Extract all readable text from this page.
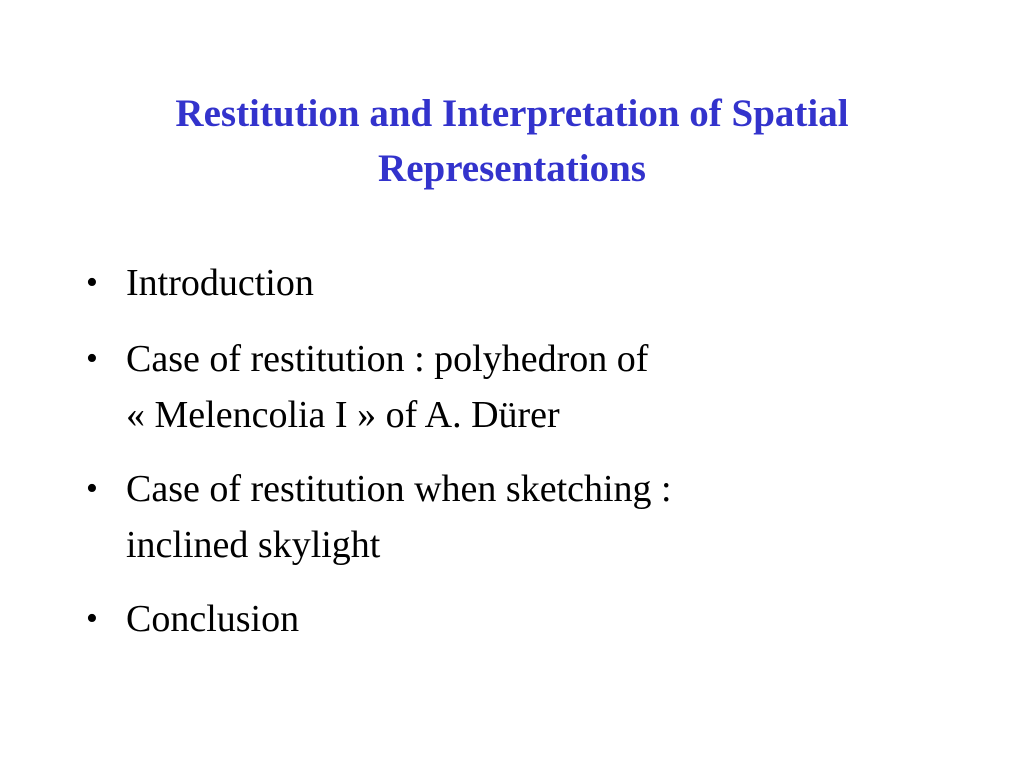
Restitution and Interpretation of Spatial
Representations
• Introduction
• Case of restitution : polyhedron of
« Melencolia I » of A. Dürer
• Case of restitution when sketching :
inclined skylight
• Conclusion
